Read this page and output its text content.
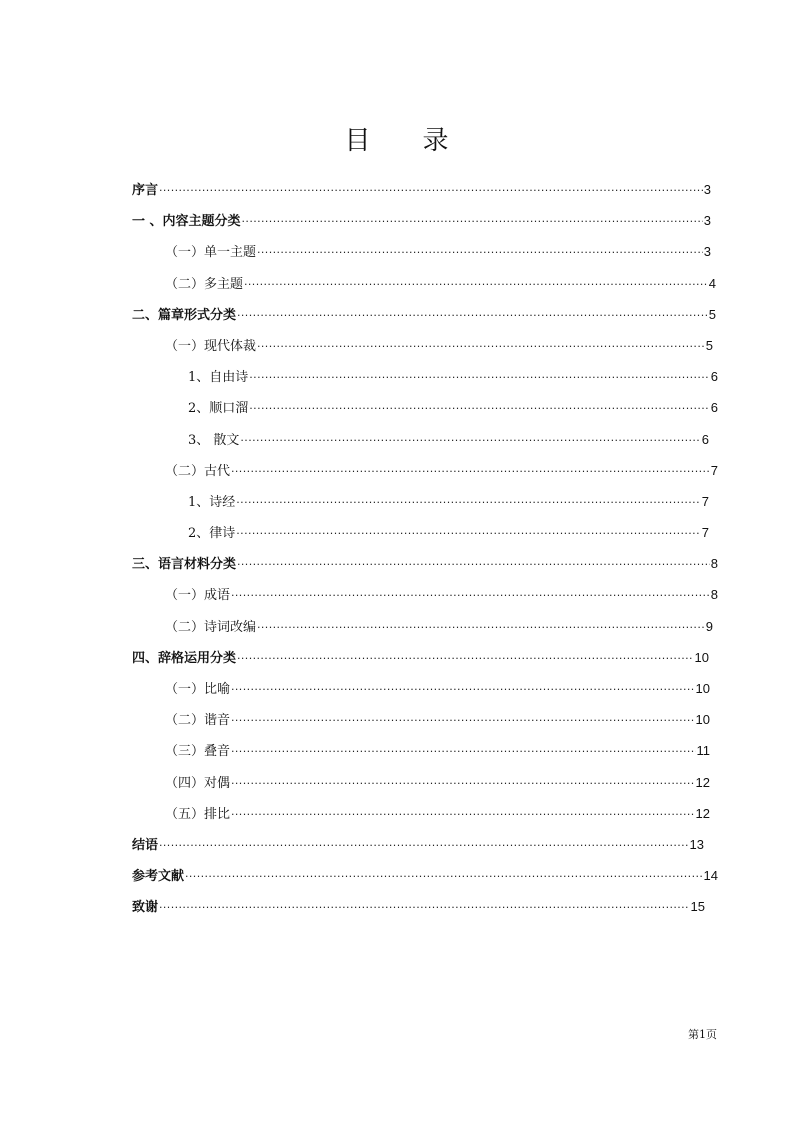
目 录
序言 ·····	3
一 、内容主题分类 ·····	3
（一）单一主题 ·····	3
（二）多主题 ·····	4
二、篇章形式分类 ·····	5
（一）现代体裁 ·····	5
1、自由诗 ·····	6
2、顺口溜 ·····	6
3、 散文 ·····	6
（二）古代 ·····	7
1、诗经 ·····	7
2、律诗 ·····	7
三、语言材料分类 ·····	8
（一）成语 ·····	8
（二）诗词改编 ·····	9
四、辞格运用分类 ·····	10
（一）比喻 ·····	10
（二）谐音 ·····	10
（三）叠音 ·····	11
（四）对偶 ·····	12
（五）排比 ·····	12
结语 ·····	13
参考文献 ·····	14
致谢 ·····	15
第1页
